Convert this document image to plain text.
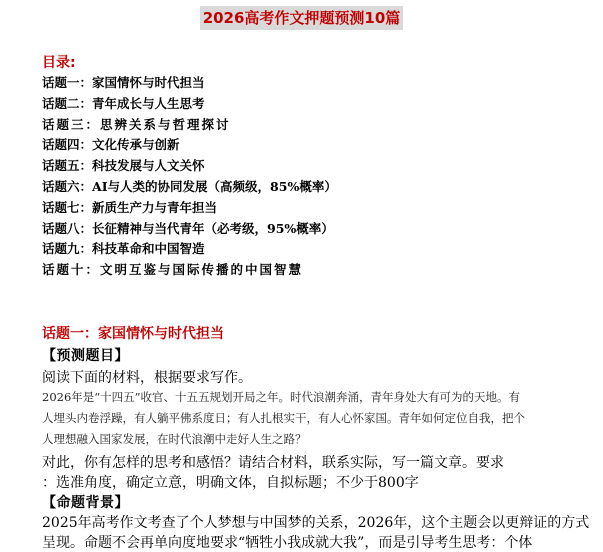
2026高考作文押题预测10篇
目录:
话题一：家国情怀与时代担当
话题二：青年成长与人生思考
话题三：思辨关系与哲理探讨
话题四：文化传承与创新
话题五：科技发展与人文关怀
话题六：AI与人类的协同发展（高频级，85%概率）
话题七：新质生产力与青年担当
话题八：长征精神与当代青年（必考级，95%概率）
话题九：科技革命和中国智造
话题十：文明互鉴与国际传播的中国智慧
话题一：家国情怀与时代担当
【预测题目】
阅读下面的材料，根据要求写作。
2026年是“十四五”收官、十五五规划开局之年。时代浪潮奔涌，青年身处大有可为的天地。有
人埋头内卷浮躁，有人躺平佛系度日；有人扎根实干，有人心怀家国。青年如何定位自我，把个
人理想融入国家发展，在时代浪潮中走好人生之路？
对此，你有怎样的思考和感悟？请结合材料，联系实际，写一篇文章。要求
：选准角度，确定立意，明确文体，自拟标题；不少于800字
【命题背景】
2025年高考作文考查了个人梦想与中国梦的关系，2026年，这个主题会以更辩证的方式
呈现。命题不会再单向度地要求“牺牲小我成就大我”，而是引导考生思考：个体
